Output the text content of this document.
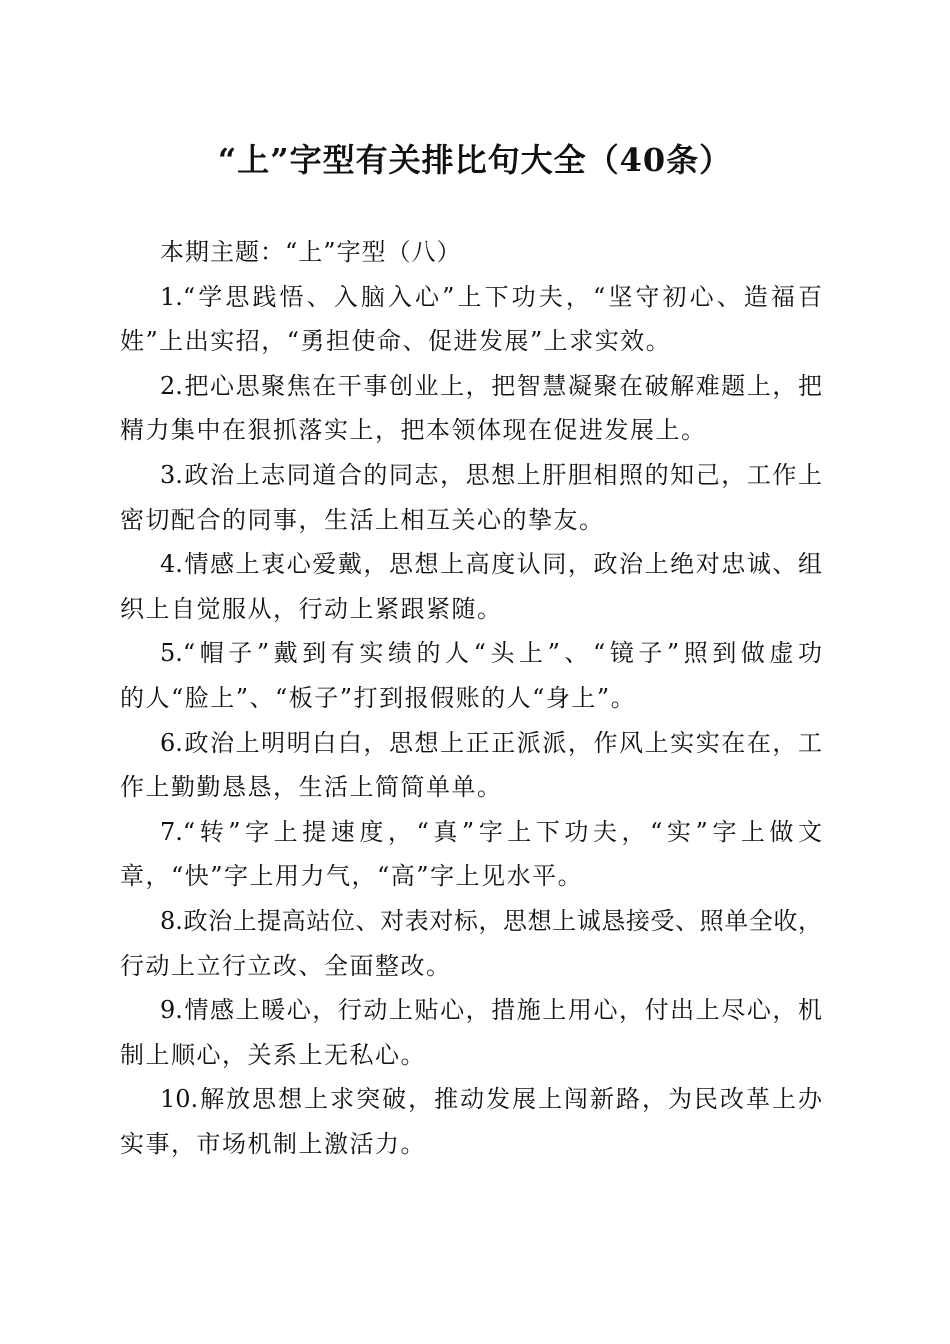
“上”字型有关排比句大全（40条）
本期主题：“上”字型（八）
1.“学思践悟、入脑入心”上下功夫，“坚守初心、造福百
姓”上出实招，“勇担使命、促进发展”上求实效。
2.把心思聚焦在干事创业上，把智慧凝聚在破解难题上，把
精力集中在狠抓落实上，把本领体现在促进发展上。
3.政治上志同道合的同志，思想上肝胆相照的知己，工作上
密切配合的同事，生活上相互关心的挚友。
4.情感上衷心爱戴，思想上高度认同，政治上绝对忠诚、组
织上自觉服从，行动上紧跟紧随。
5.“帽子”戴到有实绩的人“头上”、“镜子”照到做虚功
的人“脸上”、“板子”打到报假账的人“身上”。
6.政治上明明白白，思想上正正派派，作风上实实在在，工
作上勤勤恳恳，生活上简简单单。
7.“转”字上提速度，“真”字上下功夫，“实”字上做文
章，“快”字上用力气，“高”字上见水平。
8.政治上提高站位、对表对标，思想上诚恳接受、照单全收，
行动上立行立改、全面整改。
9.情感上暖心，行动上贴心，措施上用心，付出上尽心，机
制上顺心，关系上无私心。
10.解放思想上求突破，推动发展上闯新路，为民改革上办
实事，市场机制上激活力。
